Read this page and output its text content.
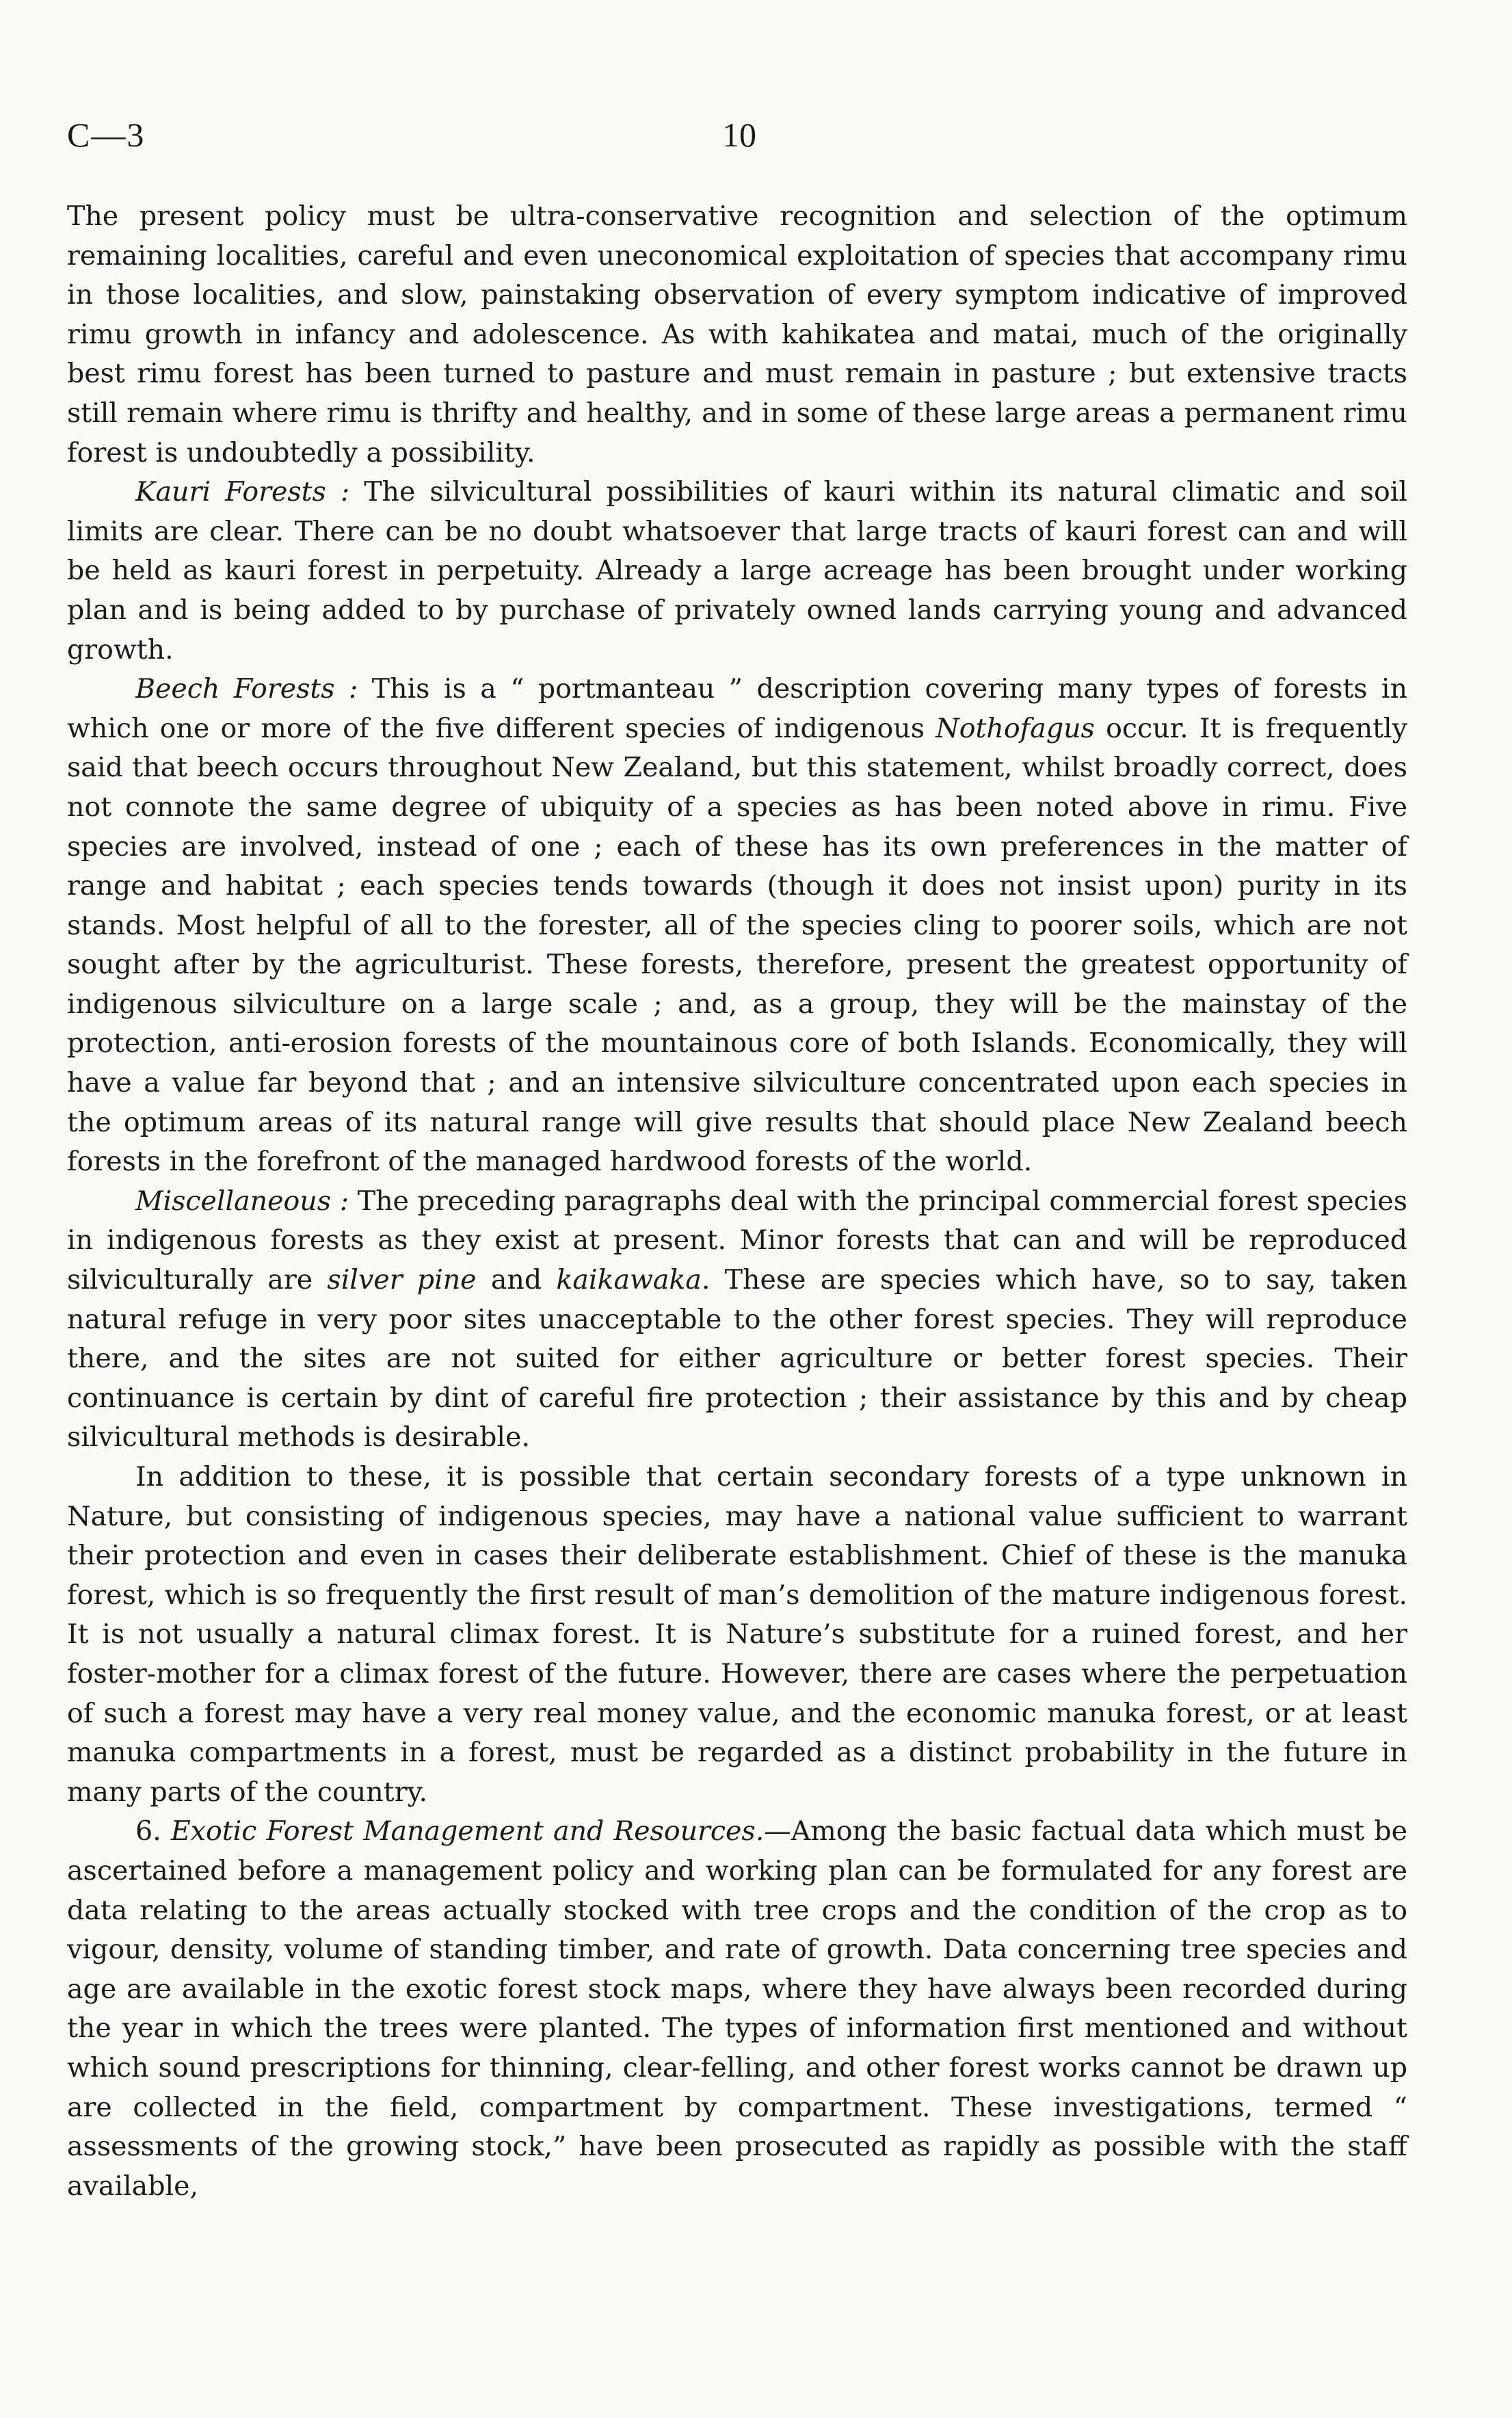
C—3	10

The present policy must be ultra-conservative recognition and selection of the optimum remaining localities, careful and even uneconomical exploitation of species that accompany rimu in those localities, and slow, painstaking observation of every symptom indicative of improved rimu growth in infancy and adolescence. As with kahikatea and matai, much of the originally best rimu forest has been turned to pasture and must remain in pasture ; but extensive tracts still remain where rimu is thrifty and healthy, and in some of these large areas a permanent rimu forest is undoubtedly a possibility.

Kauri Forests : The silvicultural possibilities of kauri within its natural climatic and soil limits are clear. There can be no doubt whatsoever that large tracts of kauri forest can and will be held as kauri forest in perpetuity. Already a large acreage has been brought under working plan and is being added to by purchase of privately owned lands carrying young and advanced growth.

Beech Forests : This is a “ portmanteau ” description covering many types of forests in which one or more of the five different species of indigenous Nothofagus occur. It is frequently said that beech occurs throughout New Zealand, but this statement, whilst broadly correct, does not connote the same degree of ubiquity of a species as has been noted above in rimu. Five species are involved, instead of one ; each of these has its own preferences in the matter of range and habitat ; each species tends towards (though it does not insist upon) purity in its stands. Most helpful of all to the forester, all of the species cling to poorer soils, which are not sought after by the agriculturist. These forests, therefore, present the greatest opportunity of indigenous silviculture on a large scale ; and, as a group, they will be the mainstay of the protection, anti-erosion forests of the mountainous core of both Islands. Economically, they will have a value far beyond that ; and an intensive silviculture concentrated upon each species in the optimum areas of its natural range will give results that should place New Zealand beech forests in the forefront of the managed hardwood forests of the world.

Miscellaneous : The preceding paragraphs deal with the principal commercial forest species in indigenous forests as they exist at present. Minor forests that can and will be reproduced silviculturally are silver pine and kaikawaka. These are species which have, so to say, taken natural refuge in very poor sites unacceptable to the other forest species. They will reproduce there, and the sites are not suited for either agriculture or better forest species. Their continuance is certain by dint of careful fire protection ; their assistance by this and by cheap silvicultural methods is desirable.

In addition to these, it is possible that certain secondary forests of a type unknown in Nature, but consisting of indigenous species, may have a national value sufficient to warrant their protection and even in cases their deliberate establishment. Chief of these is the manuka forest, which is so frequently the first result of man’s demolition of the mature indigenous forest. It is not usually a natural climax forest. It is Nature’s substitute for a ruined forest, and her foster-mother for a climax forest of the future. However, there are cases where the perpetuation of such a forest may have a very real money value, and the economic manuka forest, or at least manuka compartments in a forest, must be regarded as a distinct probability in the future in many parts of the country.

6. Exotic Forest Management and Resources.—Among the basic factual data which must be ascertained before a management policy and working plan can be formulated for any forest are data relating to the areas actually stocked with tree crops and the condition of the crop as to vigour, density, volume of standing timber, and rate of growth. Data concerning tree species and age are available in the exotic forest stock maps, where they have always been recorded during the year in which the trees were planted. The types of information first mentioned and without which sound prescriptions for thinning, clear-felling, and other forest works cannot be drawn up are collected in the field, compartment by compartment. These investigations, termed “ assessments of the growing stock,” have been prosecuted as rapidly as possible with the staff available,
